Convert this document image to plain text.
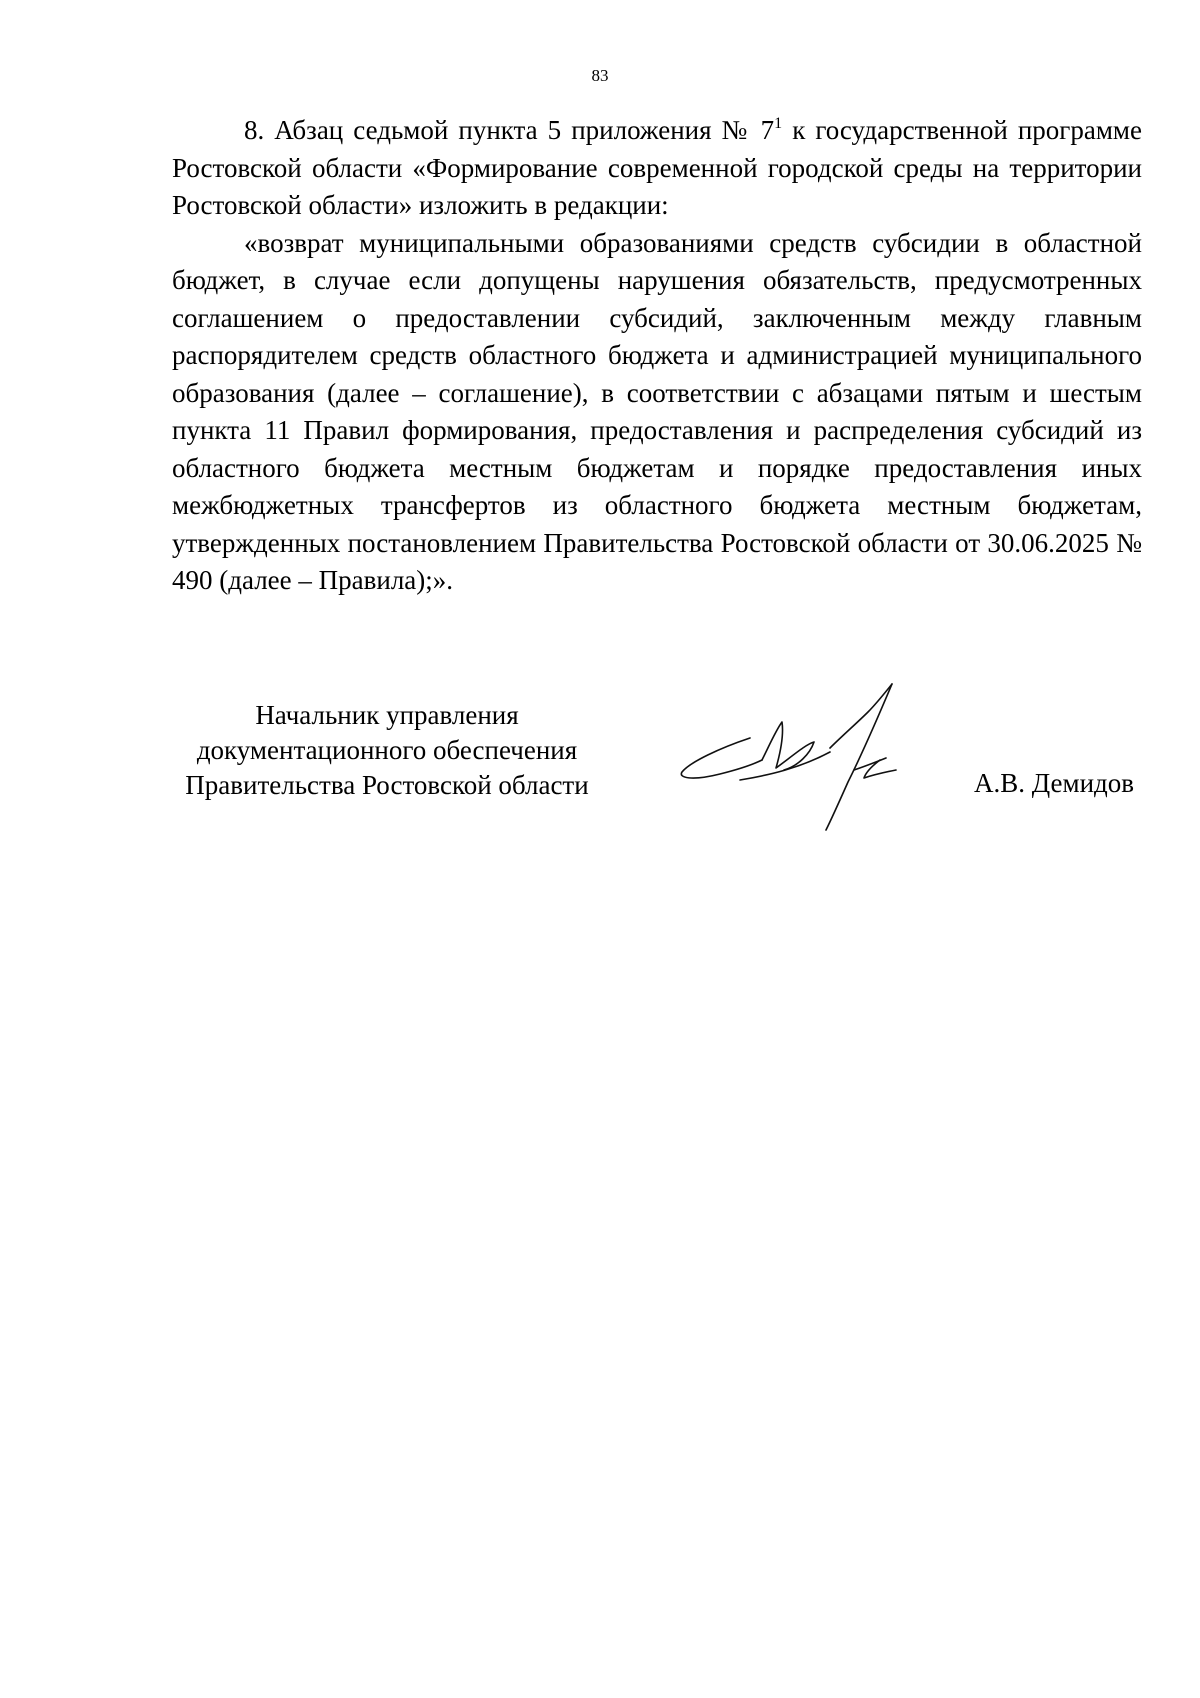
83

8. Абзац седьмой пункта 5 приложения № $7^1$ к государственной программе Ростовской области «Формирование современной городской среды на территории Ростовской области» изложить в редакции:

«возврат муниципальными образованиями средств субсидии в областной бюджет, в случае если допущены нарушения обязательств, предусмотренных соглашением о предоставлении субсидий, заключенным между главным распорядителем средств областного бюджета и администрацией муниципального образования (далее – соглашение), в соответствии с абзацами пятым и шестым пункта 11 Правил формирования, предоставления и распределения субсидий из областного бюджета местным бюджетам и порядке предоставления иных межбюджетных трансфертов из областного бюджета местным бюджетам, утвержденных постановлением Правительства Ростовской области от 30.06.2025 № 490 (далее – Правила);».

Начальник управления
документационного обеспечения
Правительства Ростовской области	А.В. Демидов
